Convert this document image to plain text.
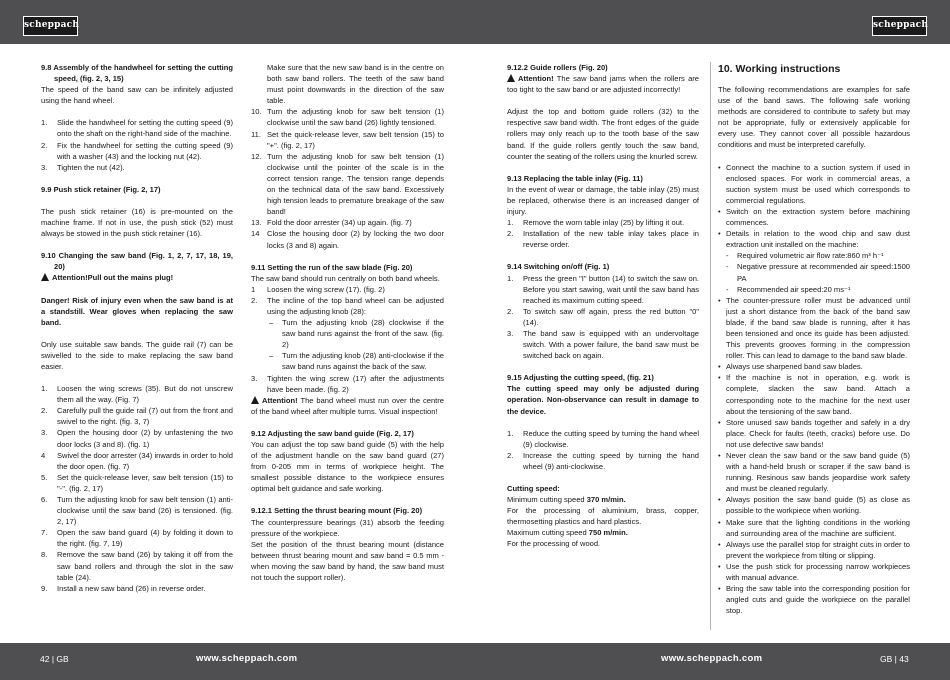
scheppach	scheppach

9.8 Assembly of the handwheel for setting the cutting speed, (fig. 2, 3, 15)

The speed of the band saw can be infinitely adjusted using the hand wheel.

1. Slide the handwheel for setting the cutting speed (9) onto the shaft on the right-hand side of the machine.
2. Fix the handwheel for setting the cutting speed (9) with a washer (43) and the locking nut (42).
3. Tighten the nut (42).

9.9 Push stick retainer (Fig. 2, 17)

The push stick retainer (16) is pre-mounted on the machine frame. If not in use, the push stick (52) must always be stowed in the push stick retainer (16).

9.10 Changing the saw band (Fig. 1, 2, 7, 17, 18, 19, 20)

Attention!Pull out the mains plug!

Danger! Risk of injury even when the saw band is at a standstill. Wear gloves when replacing the saw band.

Only use suitable saw bands. The guide rail (7) can be swivelled to the side to make replacing the saw band easier.

1. Loosen the wing screws (35). But do not unscrew them all the way. (Fig. 7)
2. Carefully pull the guide rail (7) out from the front and swivel to the right. (fig. 3, 7)
3. Open the housing door (2) by unfastening the two door locks (3 and 8). (fig. 1)
4 Swivel the door arrester (34) inwards in order to hold the door open. (fig. 7)
5. Set the quick-release lever, saw belt tension (15) to "-". (fig. 2, 17)
6. Turn the adjusting knob for saw belt tension (1) anti-clockwise until the saw band (26) is tensioned. (fig. 2, 17)
7. Open the saw band guard (4) by folding it down to the right. (fig. 7, 19)
8. Remove the saw band (26) by taking it off from the saw band rollers and through the slot in the saw table (24).
9. Install a new saw band (26) in reverse order.

Make sure that the new saw band is in the centre on both saw band rollers. The teeth of the saw band must point downwards in the direction of the saw table.

10. Turn the adjusting knob for saw belt tension (1) clockwise until the saw band (26) lightly tensioned.
11. Set the quick-release lever, saw belt tension (15) to "+". (fig. 2, 17)
12. Turn the adjusting knob for saw belt tension (1) clockwise until the pointer of the scale is in the correct tension range. The tension range depends on the technical data of the saw band. Excessively high tension leads to premature breakage of the saw band!
13. Fold the door arrester (34) up again. (fig. 7)
14 Close the housing door (2) by locking the two door locks (3 and 8) again.

9.11 Setting the run of the saw blade (Fig. 20)

The saw band should run centrally on both band wheels.

1 Loosen the wing screw (17). (fig. 2)
2. The incline of the top band wheel can be adjusted using the adjusting knob (28):
– Turn the adjusting knob (28) clockwise if the saw band runs against the front of the saw. (fig. 2)
– Turn the adjusting knob (28) anti-clockwise if the saw band runs against the back of the saw.
3. Tighten the wing screw (17) after the adjustments have been made. (fig. 2)

Attention! The band wheel must run over the centre of the band wheel after multiple turns. Visual inspection!

9.12 Adjusting the saw band guide (Fig. 2, 17)

You can adjust the top saw band guide (5) with the help of the adjustment handle on the saw band guard (27) from 0-205 mm in terms of workpiece height. The smallest possible distance to the workpiece ensures optimal belt guidance and safe working.

9.12.1 Setting the thrust bearing mount (Fig. 20)

The counterpressure bearings (31) absorb the feeding pressure of the workpiece.

Set the position of the thrust bearing mount (distance between thrust bearing mount and saw band = 0.5 mm - when moving the saw band by hand, the saw band must not touch the support roller).

9.12.2 Guide rollers (Fig. 20)

Attention! The saw band jams when the rollers are too tight to the saw band or are adjusted incorrectly!

Adjust the top and bottom guide rollers (32) to the respective saw band width. The front edges of the guide rollers may only reach up to the tooth base of the saw band. If the guide rollers gently touch the saw band, counter the seating of the rollers using the knurled screw.

9.13 Replacing the table inlay (Fig. 11)

In the event of wear or damage, the table inlay (25) must be replaced, otherwise there is an increased danger of injury.

1. Remove the worn table inlay (25) by lifting it out.
2. Installation of the new table inlay takes place in reverse order.

9.14 Switching on/off (Fig. 1)

1. Press the green "I" button (14) to switch the saw on. Before you start sawing, wait until the saw band has reached its maximum cutting speed.
2. To switch saw off again, press the red button "0" (14).
3. The band saw is equipped with an undervoltage switch. With a power failure, the band saw must be switched back on again.

9.15 Adjusting the cutting speed, (fig. 21)

The cutting speed may only be adjusted during operation. Non-observance can result in damage to the device.

1. Reduce the cutting speed by turning the hand wheel (9) clockwise.
2. Increase the cutting speed by turning the hand wheel (9) anti-clockwise.

Cutting speed:

Minimum cutting speed 370 m/min.

For the processing of aluminium, brass, copper, thermosetting plastics and hard plastics.

Maximum cutting speed 750 m/min.

For the processing of wood.

10. Working instructions

The following recommendations are examples for safe use of the band saws. The following safe working methods are considered to contribute to safety but may not be appropriate, fully or extensively applicable for every use. They cannot cover all possible hazardous conditions and must be interpreted carefully.

• Connect the machine to a suction system if used in enclosed spaces. For work in commercial areas, a suction system must be used which corresponds to commercial regulations.
• Switch on the extraction system before machining commences.
• Details in relation to the wood chip and saw dust extraction unit installed on the machine:
- Required volumetric air flow rate:860 m³ h⁻¹
- Negative pressure at recommended air speed:1500 PA
- Recommended air speed:20 ms⁻¹
• The counter-pressure roller must be advanced until just a short distance from the back of the band saw blade, if the band saw blade is running, after it has been tensioned and once its guide has been adjusted. This prevents grooves forming in the compression roller. This can lead to damage to the band saw blade.
• Always use sharpened band saw blades.
• If the machine is not in operation, e.g. work is complete, slacken the saw band. Attach a corresponding note to the machine for the next user about the tensioning of the saw band.
• Store unused saw bands together and safely in a dry place. Check for faults (teeth, cracks) before use. Do not use defective saw bands!
• Never clean the saw band or the saw band guide (5) with a hand-held brush or scraper if the saw band is running. Resinous saw bands jeopardise work safety and must be cleaned regularly.
• Always position the saw band guide (5) as close as possible to the workpiece when working.
• Make sure that the lighting conditions in the working and surrounding area of the machine are sufficient.
• Always use the parallel stop for straight cuts in order to prevent the workpiece from tilting or slipping.
• Use the push stick for processing narrow workpieces with manual advance.
• Bring the saw table into the corresponding position for angled cuts and guide the workpiece on the parallel stop.
42 | GB	www.scheppach.com	www.scheppach.com	GB | 43
